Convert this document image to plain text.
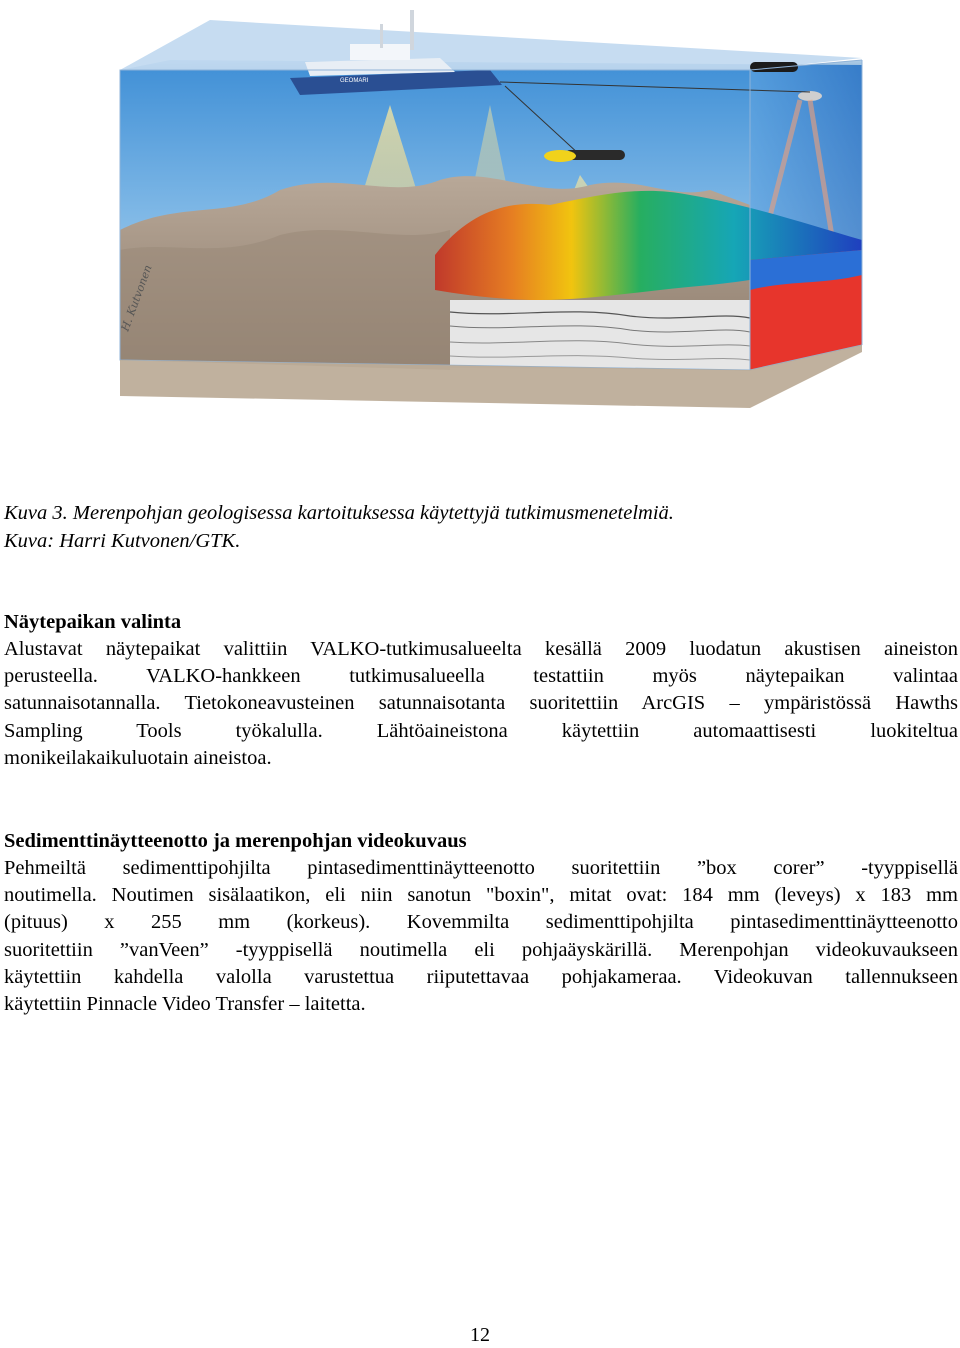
GEOMARI
H. Kutvonen
Kuva 3. Merenpohjan geologisessa kartoituksessa käytettyjä tutkimusmenetelmiä.
Kuva: Harri Kutvonen/GTK.
Näytepaikan valinta
Alustavat näytepaikat valittiin VALKO-tutkimusalueelta kesällä 2009 luodatun akustisen aineiston
perusteella. VALKO-hankkeen tutkimusalueella testattiin myös näytepaikan valintaa
satunnaisotannalla. Tietokoneavusteinen satunnaisotanta suoritettiin ArcGIS – ympäristössä Hawths
Sampling Tools työkalulla. Lähtöaineistona käytettiin automaattisesti luokiteltua
monikeilakaikuluotain aineistoa.
Sedimenttinäytteenotto ja merenpohjan videokuvaus
Pehmeiltä sedimenttipohjilta pintasedimenttinäytteenotto suoritettiin ”box corer” -tyyppisellä
noutimella. Noutimen sisälaatikon, eli niin sanotun "boxin", mitat ovat: 184 mm (leveys) x 183 mm
(pituus) x 255 mm (korkeus). Kovemmilta sedimenttipohjilta pintasedimenttinäytteenotto
suoritettiin ”vanVeen” -tyyppisellä noutimella eli pohjaäyskärillä. Merenpohjan videokuvaukseen
käytettiin kahdella valolla varustettua riiputettavaa pohjakameraa. Videokuvan tallennukseen
käytettiin Pinnacle Video Transfer – laitetta.
12
